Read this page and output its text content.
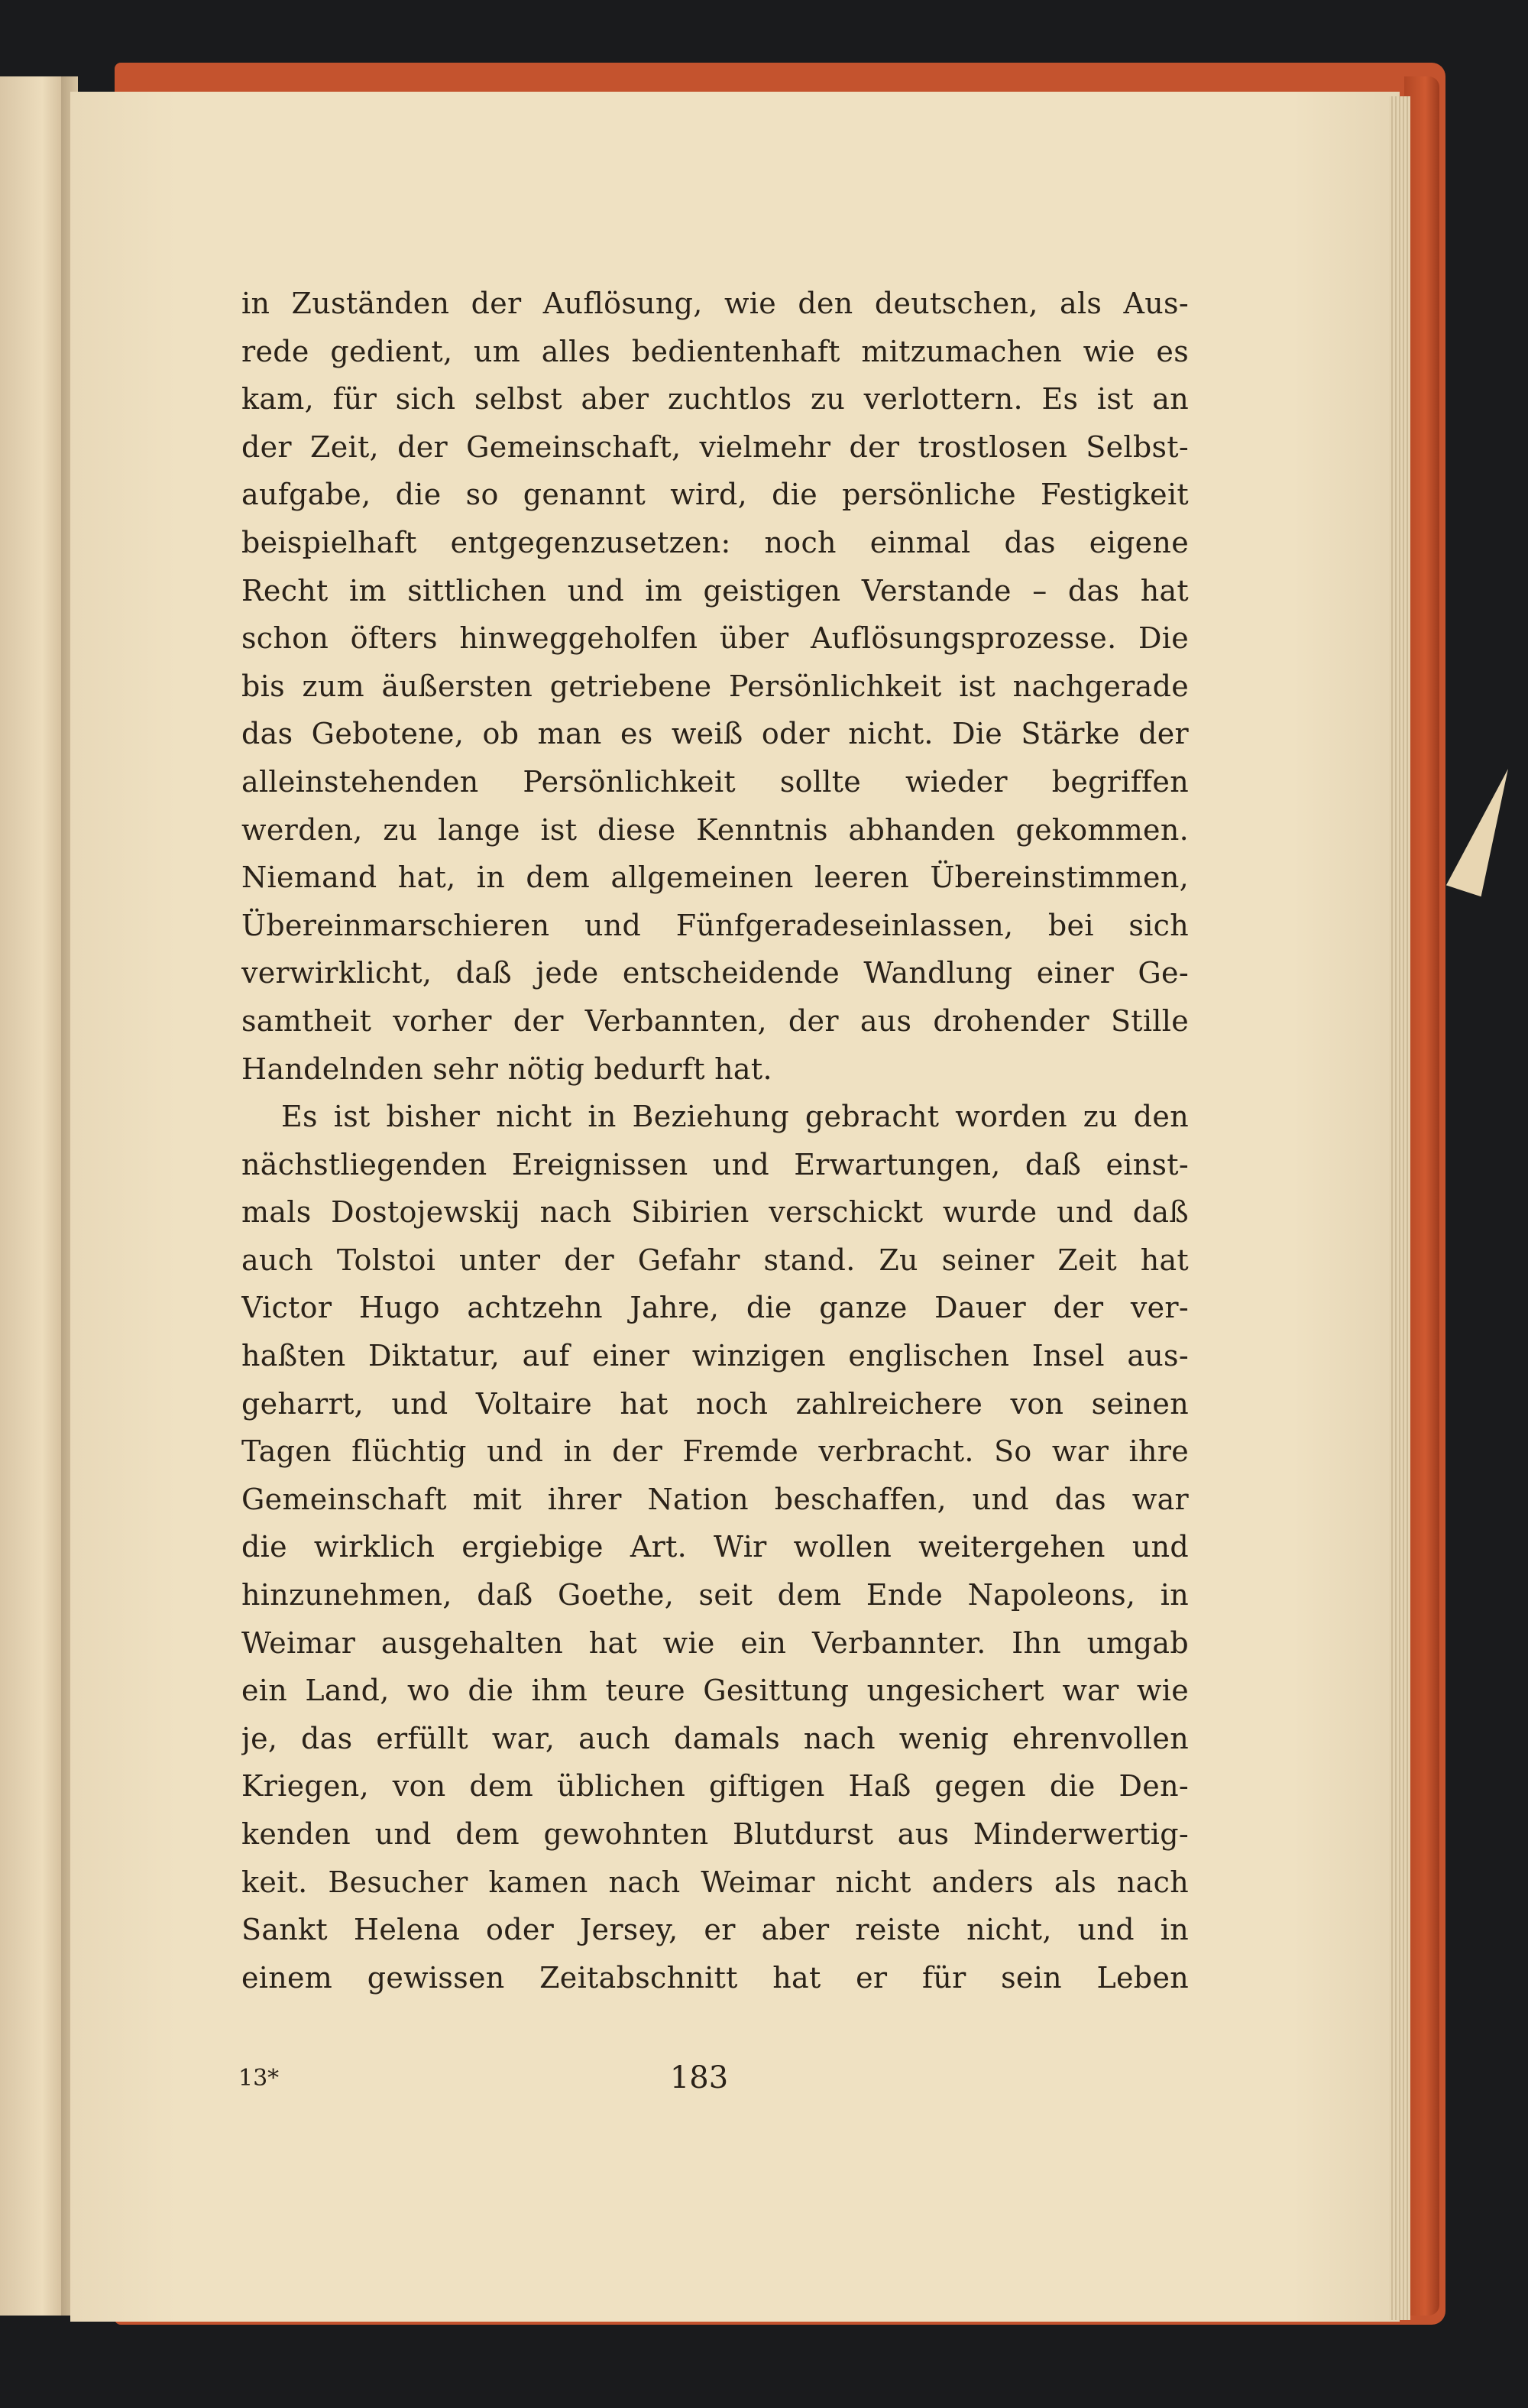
in Zuständen der Auflösung, wie den deutschen, als Aus-
rede gedient, um alles bedientenhaft mitzumachen wie es
kam, für sich selbst aber zuchtlos zu verlottern. Es ist an
der Zeit, der Gemeinschaft, vielmehr der trostlosen Selbst-
aufgabe, die so genannt wird, die persönliche Festigkeit
beispielhaft entgegenzusetzen: noch einmal das eigene
Recht im sittlichen und im geistigen Verstande – das hat
schon öfters hinweggeholfen über Auflösungsprozesse. Die
bis zum äußersten getriebene Persönlichkeit ist nachgerade
das Gebotene, ob man es weiß oder nicht. Die Stärke der
alleinstehenden Persönlichkeit sollte wieder begriffen
werden, zu lange ist diese Kenntnis abhanden gekommen.
Niemand hat, in dem allgemeinen leeren Übereinstimmen,
Übereinmarschieren und Fünfgeradeseinlassen, bei sich
verwirklicht, daß jede entscheidende Wandlung einer Ge-
samtheit vorher der Verbannten, der aus drohender Stille
Handelnden sehr nötig bedurft hat.
Es ist bisher nicht in Beziehung gebracht worden zu den
nächstliegenden Ereignissen und Erwartungen, daß einst-
mals Dostojewskij nach Sibirien verschickt wurde und daß
auch Tolstoi unter der Gefahr stand. Zu seiner Zeit hat
Victor Hugo achtzehn Jahre, die ganze Dauer der ver-
haßten Diktatur, auf einer winzigen englischen Insel aus-
geharrt, und Voltaire hat noch zahlreichere von seinen
Tagen flüchtig und in der Fremde verbracht. So war ihre
Gemeinschaft mit ihrer Nation beschaffen, und das war
die wirklich ergiebige Art. Wir wollen weitergehen und
hinzunehmen, daß Goethe, seit dem Ende Napoleons, in
Weimar ausgehalten hat wie ein Verbannter. Ihn umgab
ein Land, wo die ihm teure Gesittung ungesichert war wie
je, das erfüllt war, auch damals nach wenig ehrenvollen
Kriegen, von dem üblichen giftigen Haß gegen die Den-
kenden und dem gewohnten Blutdurst aus Minderwertig-
keit. Besucher kamen nach Weimar nicht anders als nach
Sankt Helena oder Jersey, er aber reiste nicht, und in
einem gewissen Zeitabschnitt hat er für sein Leben
13*	183
